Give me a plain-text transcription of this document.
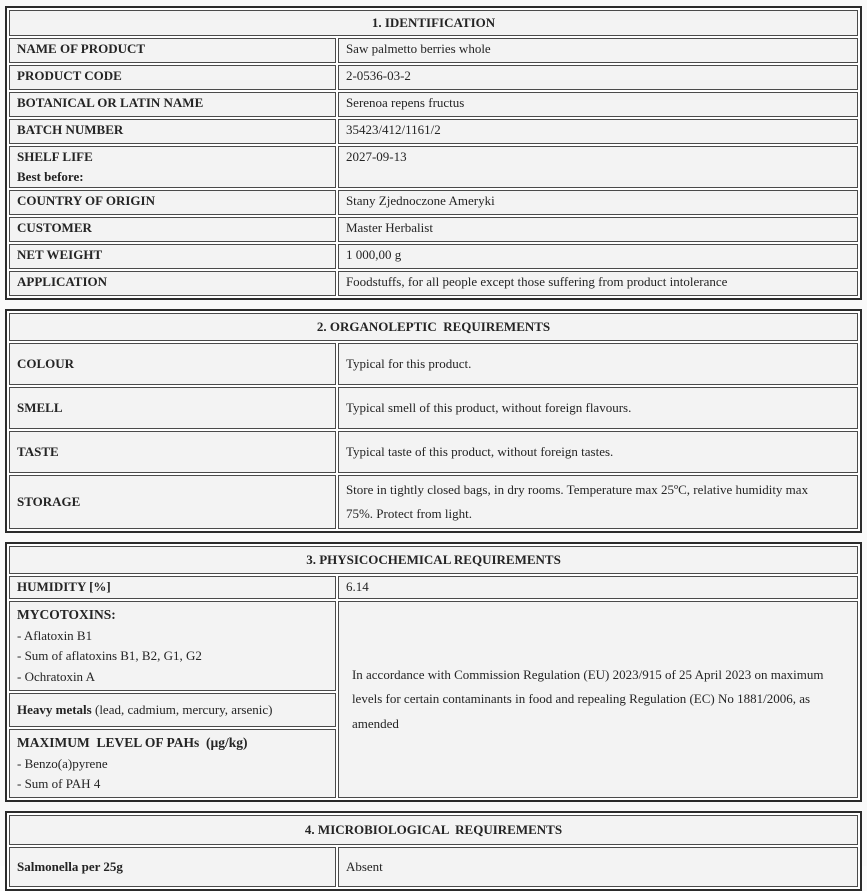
1. IDENTIFICATION	
NAME OF PRODUCT	Saw palmetto berries whole
PRODUCT CODE	2-0536-03-2
BOTANICAL OR LATIN NAME	Serenoa repens fructus
BATCH NUMBER	35423/412/1161/2

SHELF LIFE
Best before:	2027-09-13
COUNTRY OF ORIGIN	Stany Zjednoczone Ameryki
CUSTOMER	Master Herbalist
NET WEIGHT	1 000,00 g
APPLICATION	Foodstuffs, for all people except those suffering from product intolerance
2. ORGANOLEPTIC  REQUIREMENTS	
COLOUR	Typical for this product.
SMELL	Typical smell of this product, without foreign flavours.
TASTE	Typical taste of this product, without foreign tastes.
STORAGE	Store in tightly closed bags, in dry rooms. Temperature max 25ºC, relative humidity max 75%. Protect from light.
3. PHYSICOCHEMICAL REQUIREMENTS	
HUMIDITY [%]	6.14

MYCOTOXINS:
- Aflatoxin B1
- Sum of aflatoxins B1, B2, G1, G2
- Ochratoxin A	In accordance with Commission Regulation (EU) 2023/915 of 25 April 2023 on maximum levels for certain contaminants in food and repealing Regulation (EC) No 1881/2006, as amended

Heavy metals (lead, cadmium, mercury, arsenic)	

MAXIMUM  LEVEL OF PAHs  (µg/kg)
- Benzo(a)pyrene
- Sum of PAH 4	
4. MICROBIOLOGICAL  REQUIREMENTS
Salmonella per 25g	Absent
